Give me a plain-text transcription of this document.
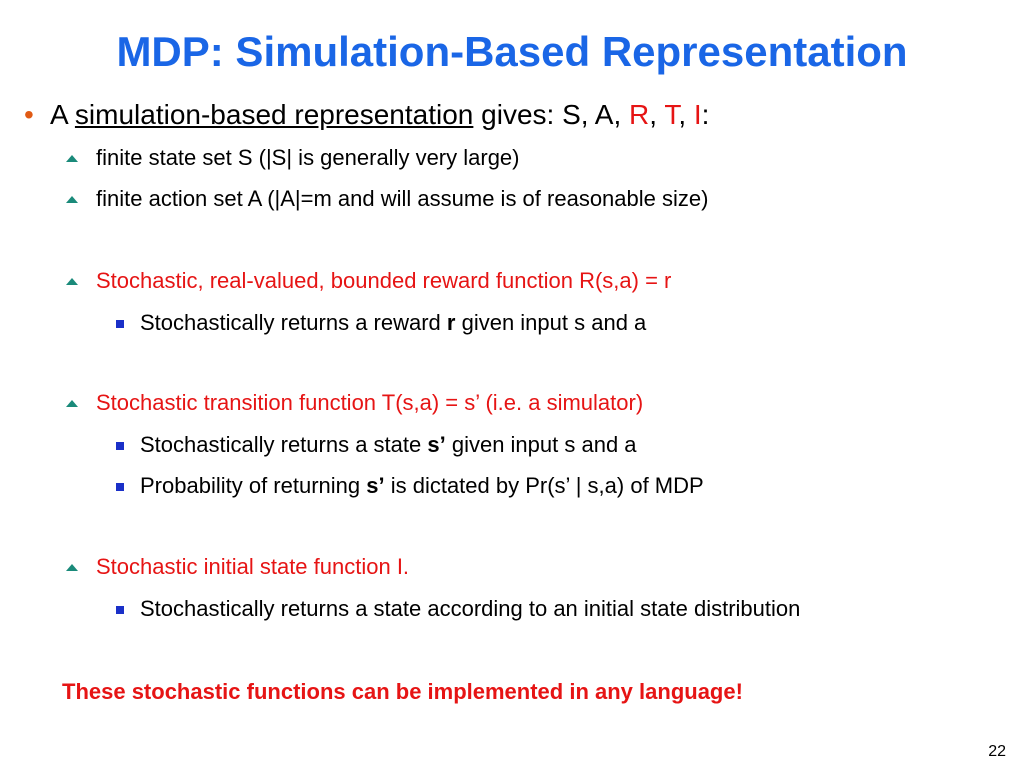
MDP: Simulation-Based Representation
• A simulation-based representation gives: S, A, R, T, I:
finite state set S (|S| is generally very large)
finite action set A (|A|=m and will assume is of reasonable size)
Stochastic, real-valued, bounded reward function R(s,a) = r
Stochastically returns a reward r given input s and a
Stochastic transition function T(s,a) = s’ (i.e. a simulator)
Stochastically returns a state s’ given input s and a
Probability of returning s’ is dictated by Pr(s’ | s,a) of MDP
Stochastic initial state function I.
Stochastically returns a state according to an initial state distribution
These stochastic functions can be implemented in any language!
22
